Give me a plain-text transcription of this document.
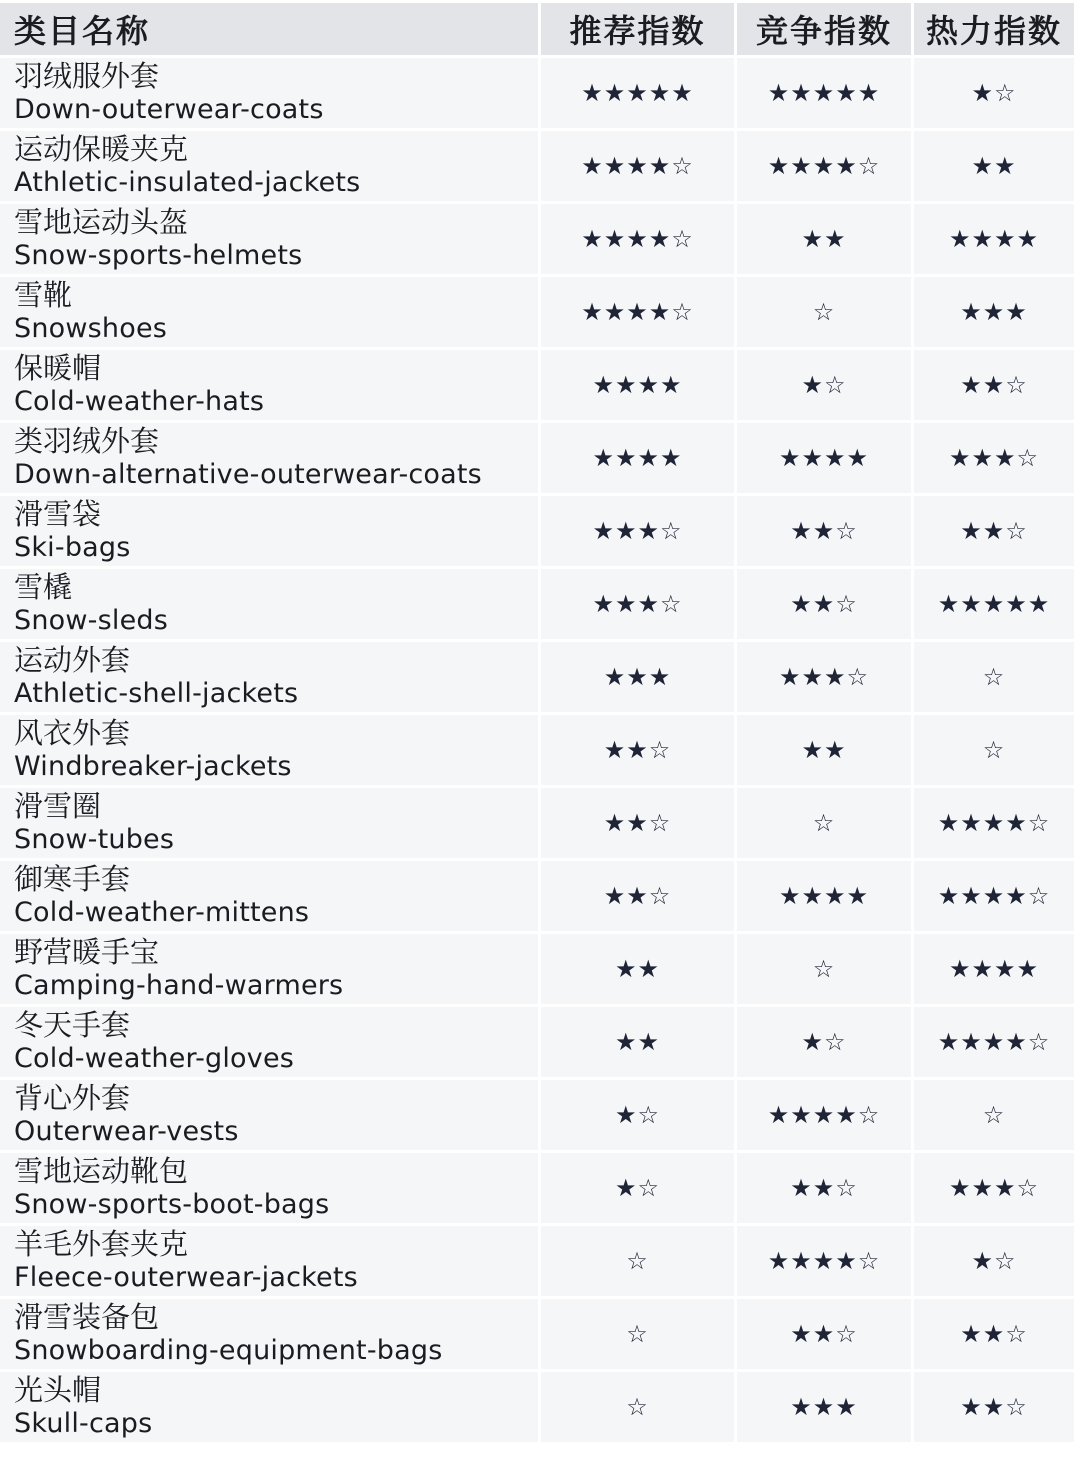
类目名称	推荐指数	竞争指数	热力指数

羽绒服外套
Down-outerwear-coats	★★★★★	★★★★★	★☆

运动保暖夹克
Athletic-insulated-jackets	★★★★☆	★★★★☆	★★

雪地运动头盔
Snow-sports-helmets	★★★★☆	★★	★★★★

雪靴
Snowshoes	★★★★☆	☆	★★★

保暖帽
Cold-weather-hats	★★★★	★☆	★★☆

类羽绒外套
Down-alternative-outerwear-coats	★★★★	★★★★	★★★☆

滑雪袋
Ski-bags	★★★☆	★★☆	★★☆

雪橇
Snow-sleds	★★★☆	★★☆	★★★★★

运动外套
Athletic-shell-jackets	★★★	★★★☆	☆

风衣外套
Windbreaker-jackets	★★☆	★★	☆

滑雪圈
Snow-tubes	★★☆	☆	★★★★☆

御寒手套
Cold-weather-mittens	★★☆	★★★★	★★★★☆

野营暖手宝
Camping-hand-warmers	★★	☆	★★★★

冬天手套
Cold-weather-gloves	★★	★☆	★★★★☆

背心外套
Outerwear-vests	★☆	★★★★☆	☆

雪地运动靴包
Snow-sports-boot-bags	★☆	★★☆	★★★☆

羊毛外套夹克
Fleece-outerwear-jackets	☆	★★★★☆	★☆

滑雪装备包
Snowboarding-equipment-bags	☆	★★☆	★★☆

光头帽
Skull-caps	☆	★★★	★★☆
